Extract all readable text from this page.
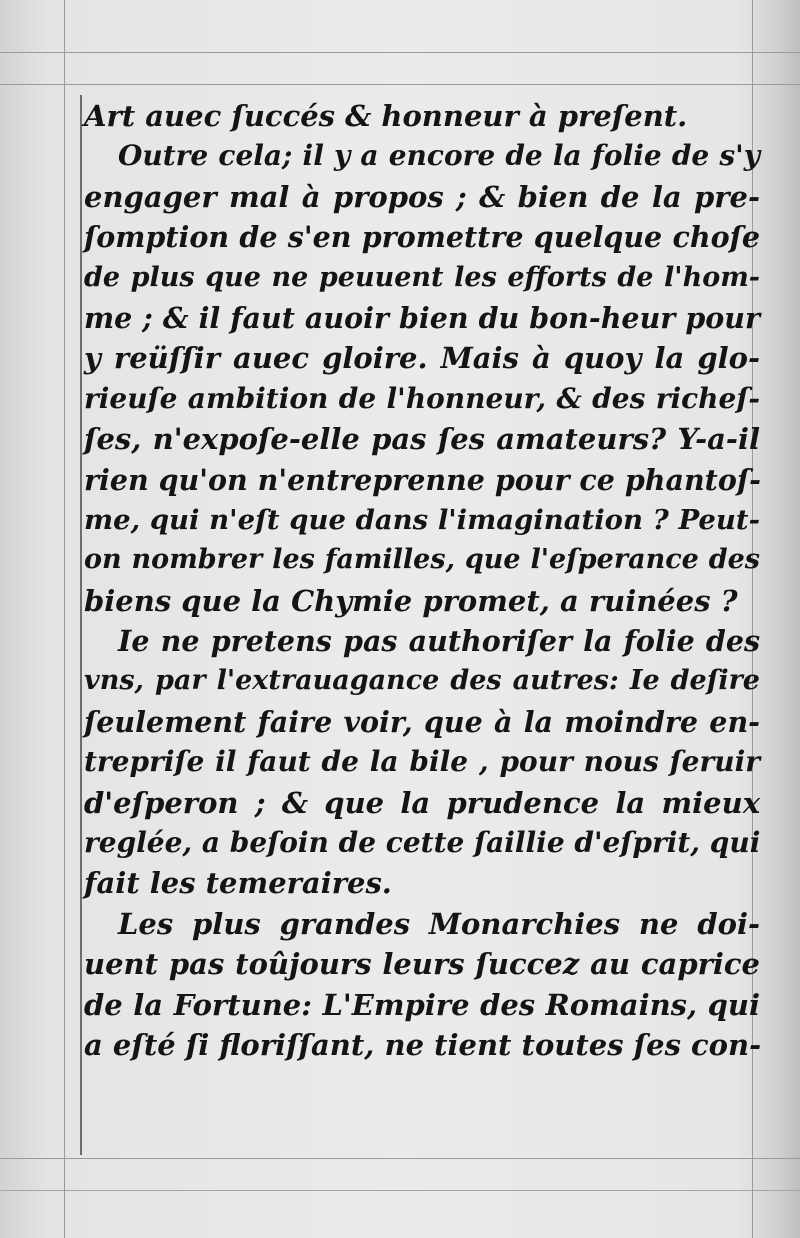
Art auec ſuccés & honneur à preſent.
Outre cela; il y a encore de la folie de s'y
engager mal à propos ; & bien de la pre-
ſomption de s'en promettre quelque choſe
de plus que ne peuuent les efforts de l'hom-
me ; & il faut auoir bien du bon-heur pour
y reüſſir auec gloire. Mais à quoy la glo-
rieuſe ambition de l'honneur, & des richeſ-
ſes, n'expoſe-elle pas ſes amateurs? Y-a-il
rien qu'on n'entreprenne pour ce phantoſ-
me, qui n'eſt que dans l'imagination ? Peut-
on nombrer les familles, que l'eſperance des
biens que la Chymie promet, a ruinées ?
Ie ne pretens pas authoriſer la folie des
vns, par l'extrauagance des autres: Ie deſire
ſeulement faire voir, que à la moindre en-
trepriſe il faut de la bile , pour nous ſeruir
d'eſperon ; & que la prudence la mieux
reglée, a beſoin de cette ſaillie d'eſprit, qui
fait les temeraires.
Les plus grandes Monarchies ne doi-
uent pas toûjours leurs ſuccez au caprice
de la Fortune: L'Empire des Romains, qui
a eſté ſi floriſſant, ne tient toutes ſes con-
